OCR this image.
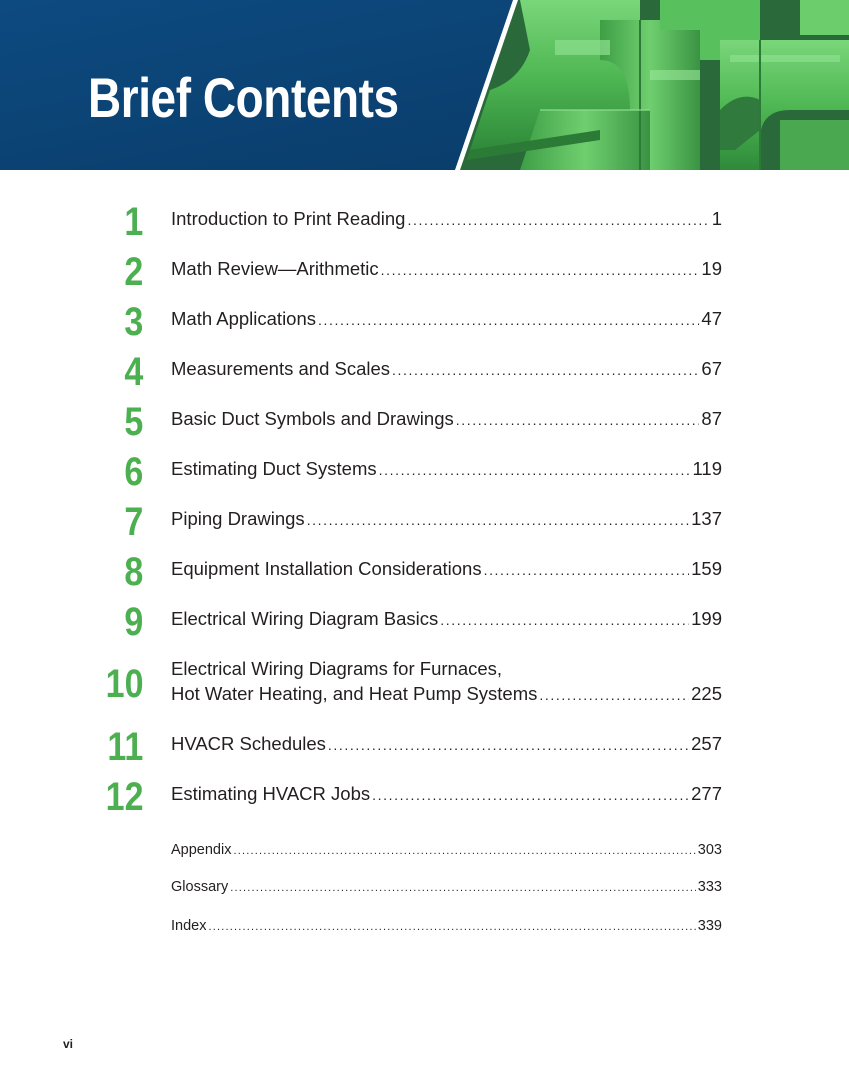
Brief Contents
1 Introduction to Print Reading .....	1
2 Math Review—Arithmetic .....	19
3 Math Applications .....	47
4 Measurements and Scales .....	67
5 Basic Duct Symbols and Drawings .....	87
6 Estimating Duct Systems .....	119
7 Piping Drawings .....	137
8 Equipment Installation Considerations .....	159
9 Electrical Wiring Diagram Basics .....	199
10 Electrical Wiring Diagrams for Furnaces,
Hot Water Heating, and Heat Pump Systems .....	225
11 HVACR Schedules .....	257
12 Estimating HVACR Jobs .....	277
Appendix .....	303
Glossary .....	333
Index .....	339
vi
